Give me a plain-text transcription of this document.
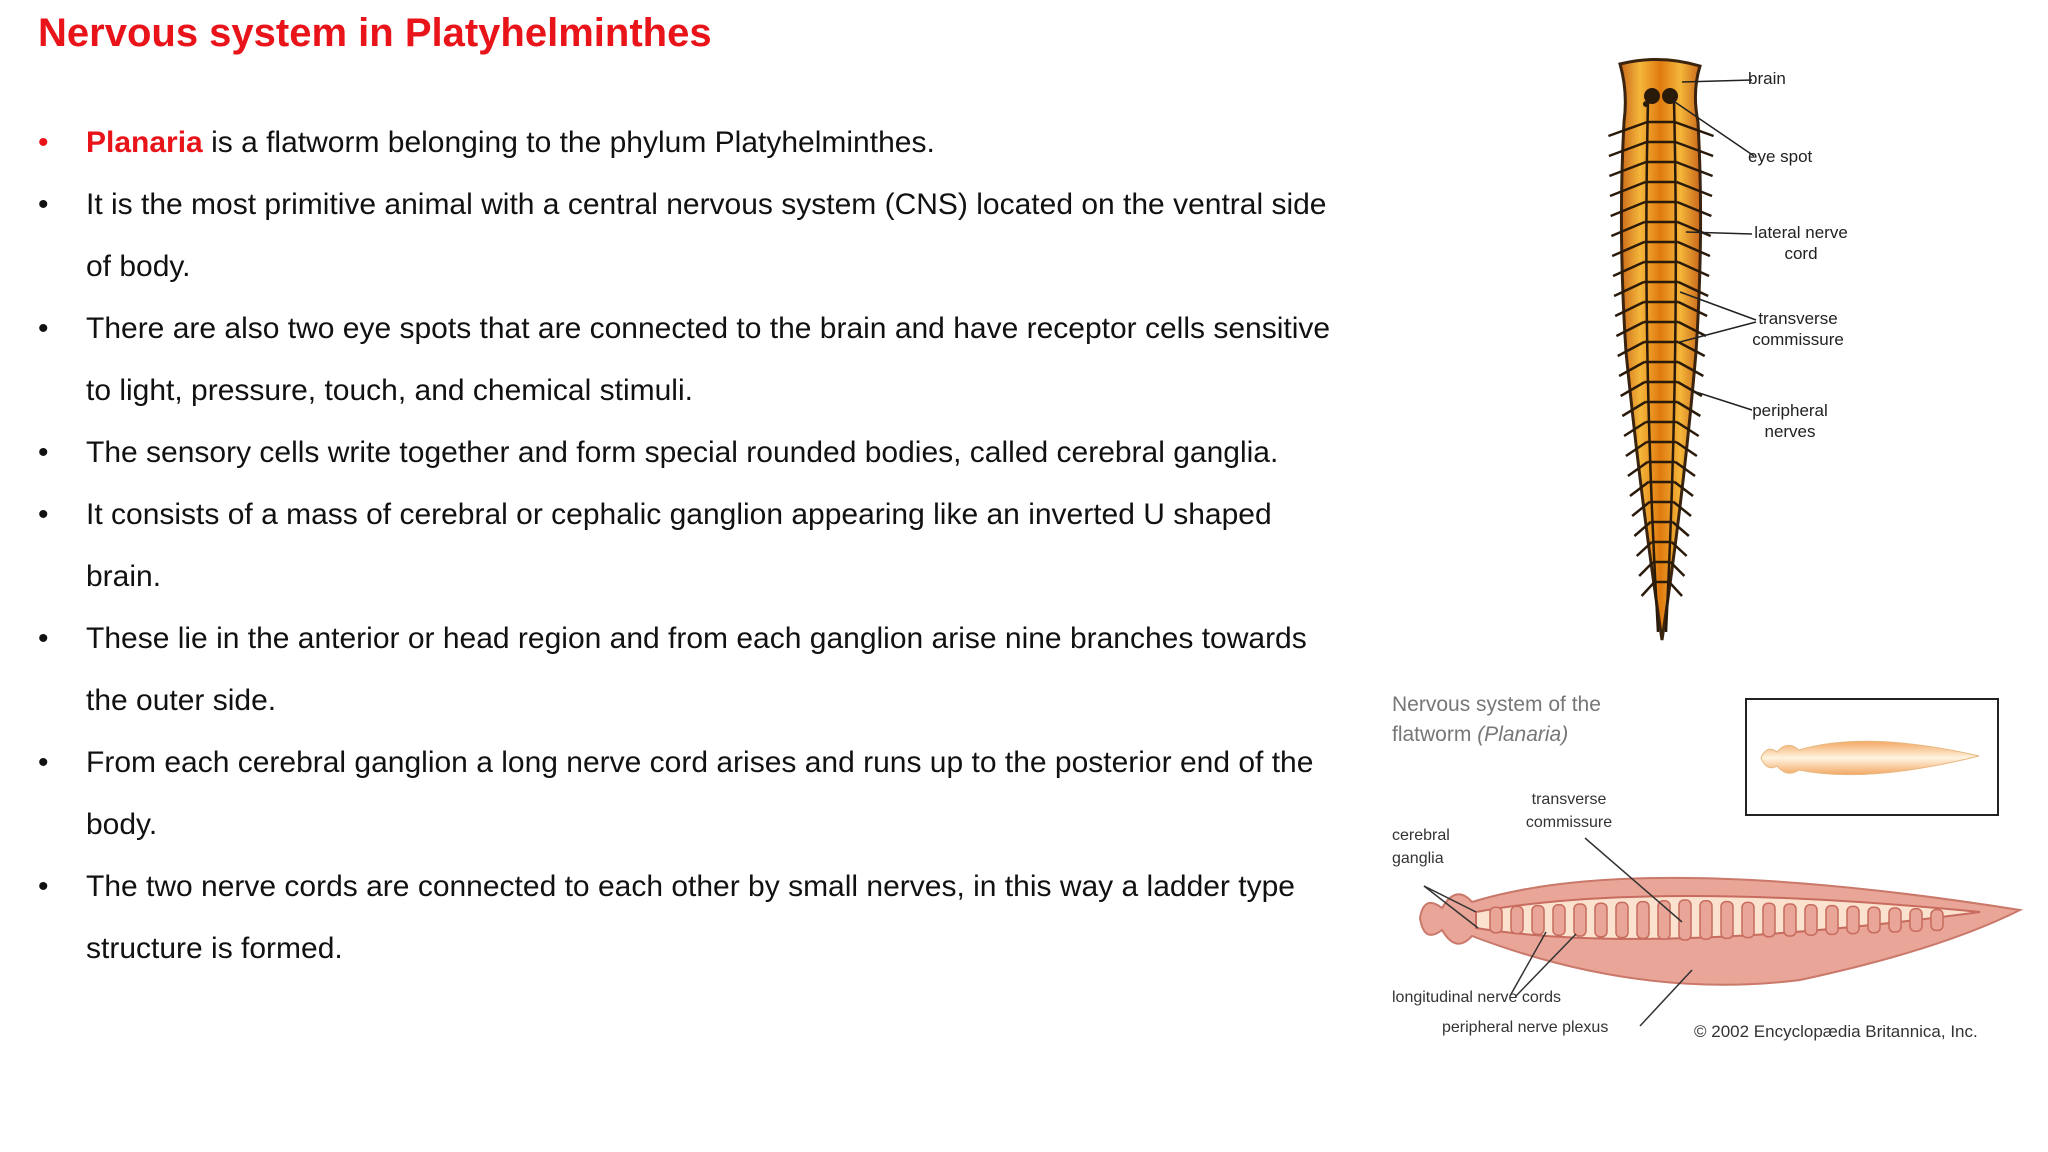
Nervous system in Platyhelminthes
• Planaria is a flatworm belonging to the phylum Platyhelminthes.
• It is the most primitive animal with a central nervous system (CNS) located on the ventral side of body.
• There are also two eye spots that are connected to the brain and have receptor cells sensitive to light, pressure, touch, and chemical stimuli.
• The sensory cells write together and form special rounded bodies, called cerebral ganglia.
• It consists of a mass of cerebral or cephalic ganglion appearing like an inverted U shaped brain.
• These lie in the anterior or head region and from each ganglion arise nine branches towards the outer side.
• From each cerebral ganglion a long nerve cord arises and runs up to the posterior end of the body.
• The two nerve cords are connected to each other by small nerves, in this way a ladder type structure is formed.
brain
eye spot
lateral nerve cord
transverse commissure
peripheral nerves
Nervous system of the
flatworm (Planaria)
transverse commissure
cerebral ganglia
longitudinal nerve cords
peripheral nerve plexus	© 2002 Encyclopædia Britannica, Inc.
